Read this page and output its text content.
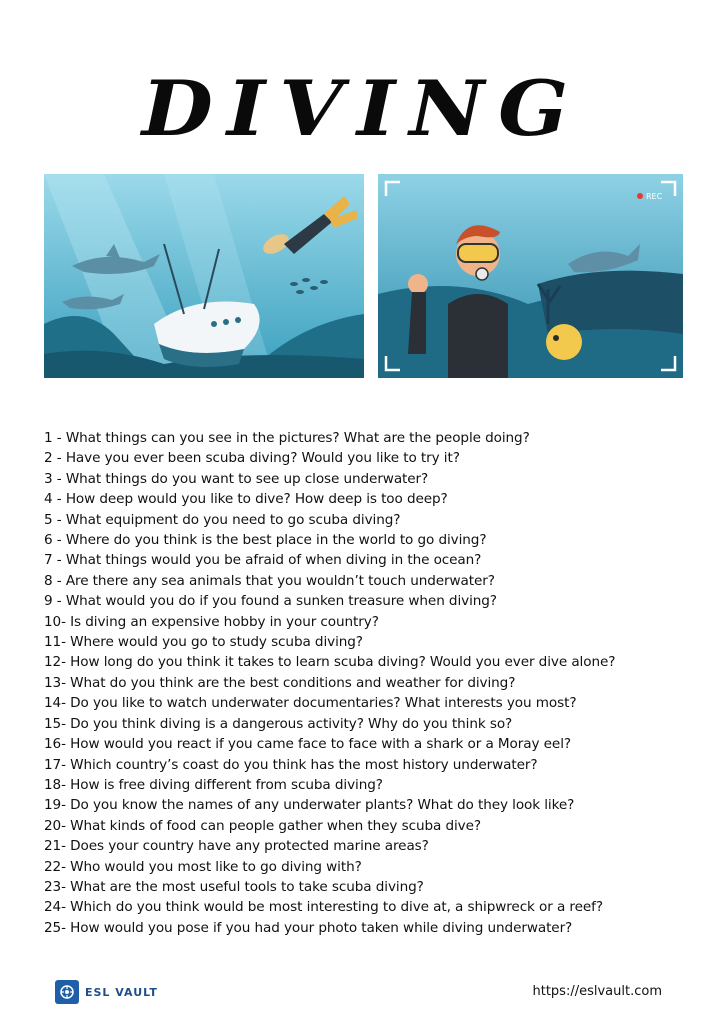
DIVING
REC
1 - What things can you see in the pictures? What are the people doing?
2 - Have you ever been scuba diving? Would you like to try it?
3 - What things do you want to see up close underwater?
4 - How deep would you like to dive? How deep is too deep?
5 - What equipment do you need to go scuba diving?
6 - Where do you think is the best place in the world to go diving?
7 - What things would you be afraid of when diving in the ocean?
8 - Are there any sea animals that you wouldn’t touch underwater?
9 - What would you do if you found a sunken treasure when diving?
10- Is diving an expensive hobby in your country?
11- Where would you go to study scuba diving?
12- How long do you think it takes to learn scuba diving? Would you ever dive alone?
13- What do you think are the best conditions and weather for diving?
14- Do you like to watch underwater documentaries? What interests you most?
15- Do you think diving is a dangerous activity? Why do you think so?
16- How would you react if you came face to face with a shark or a Moray eel?
17- Which country’s coast do you think has the most history underwater?
18- How is free diving different from scuba diving?
19- Do you know the names of any underwater plants? What do they look like?
20- What kinds of food can people gather when they scuba dive?
21- Does your country have any protected marine areas?
22- Who would you most like to go diving with?
23- What are the most useful tools to take scuba diving?
24- Which do you think would be most interesting to dive at, a shipwreck or a reef?
25- How would you pose if you had your photo taken while diving underwater?
ESL VAULT	https://eslvault.com
